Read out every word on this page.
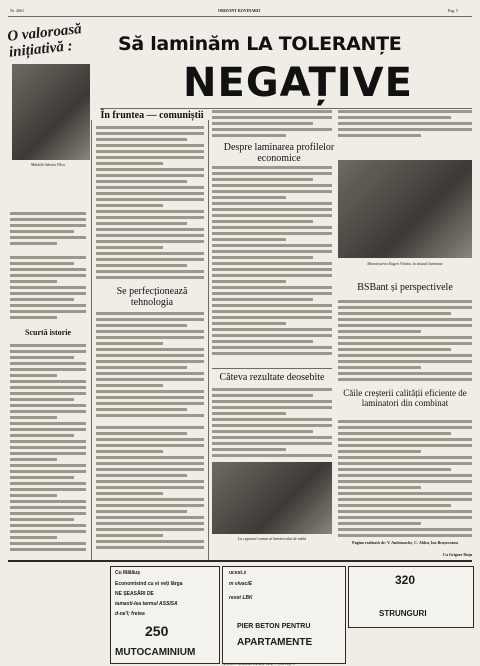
Nr. 2661	ORIZONT ROVINARII	Pag. 5
O valoroasă inițiativă :	Să laminăm LA TOLERANȚE
NEGAȚIVE
Mihăilă Adrian Vîlcu
Scurtă istorie
În fruntea — comuniștii
Se perfecționează tehnologia
Câteva rezultate deosebite
Despre laminarea profilelor economice
Muncitoarea Eugen Vînătu, la situații laminate
BSBant și perspectivele
Căile creșterii calității eficiente de laminatori din combinat
Pagina realizată de: V. Andronache, C. Aldea, Ion Brașoveanu
Cu Grigore Duțu
La cuptorul comun al laminorului de tablă
Cu Mălăuș
Economisind cu ei veți lărga
NE ȘEASĂRI DE
tamasti-lea tarmul ASSISA
d-ne'l; fretea
250
MUTOCAMINIUM
ucest.x
m vivaciE
reset LBK
PIER BETON PENTRU
APARTAMENTE
320
STRUNGURI
Tipografia Combinatului Siderurgic Galați — Com. 1984 / 0
